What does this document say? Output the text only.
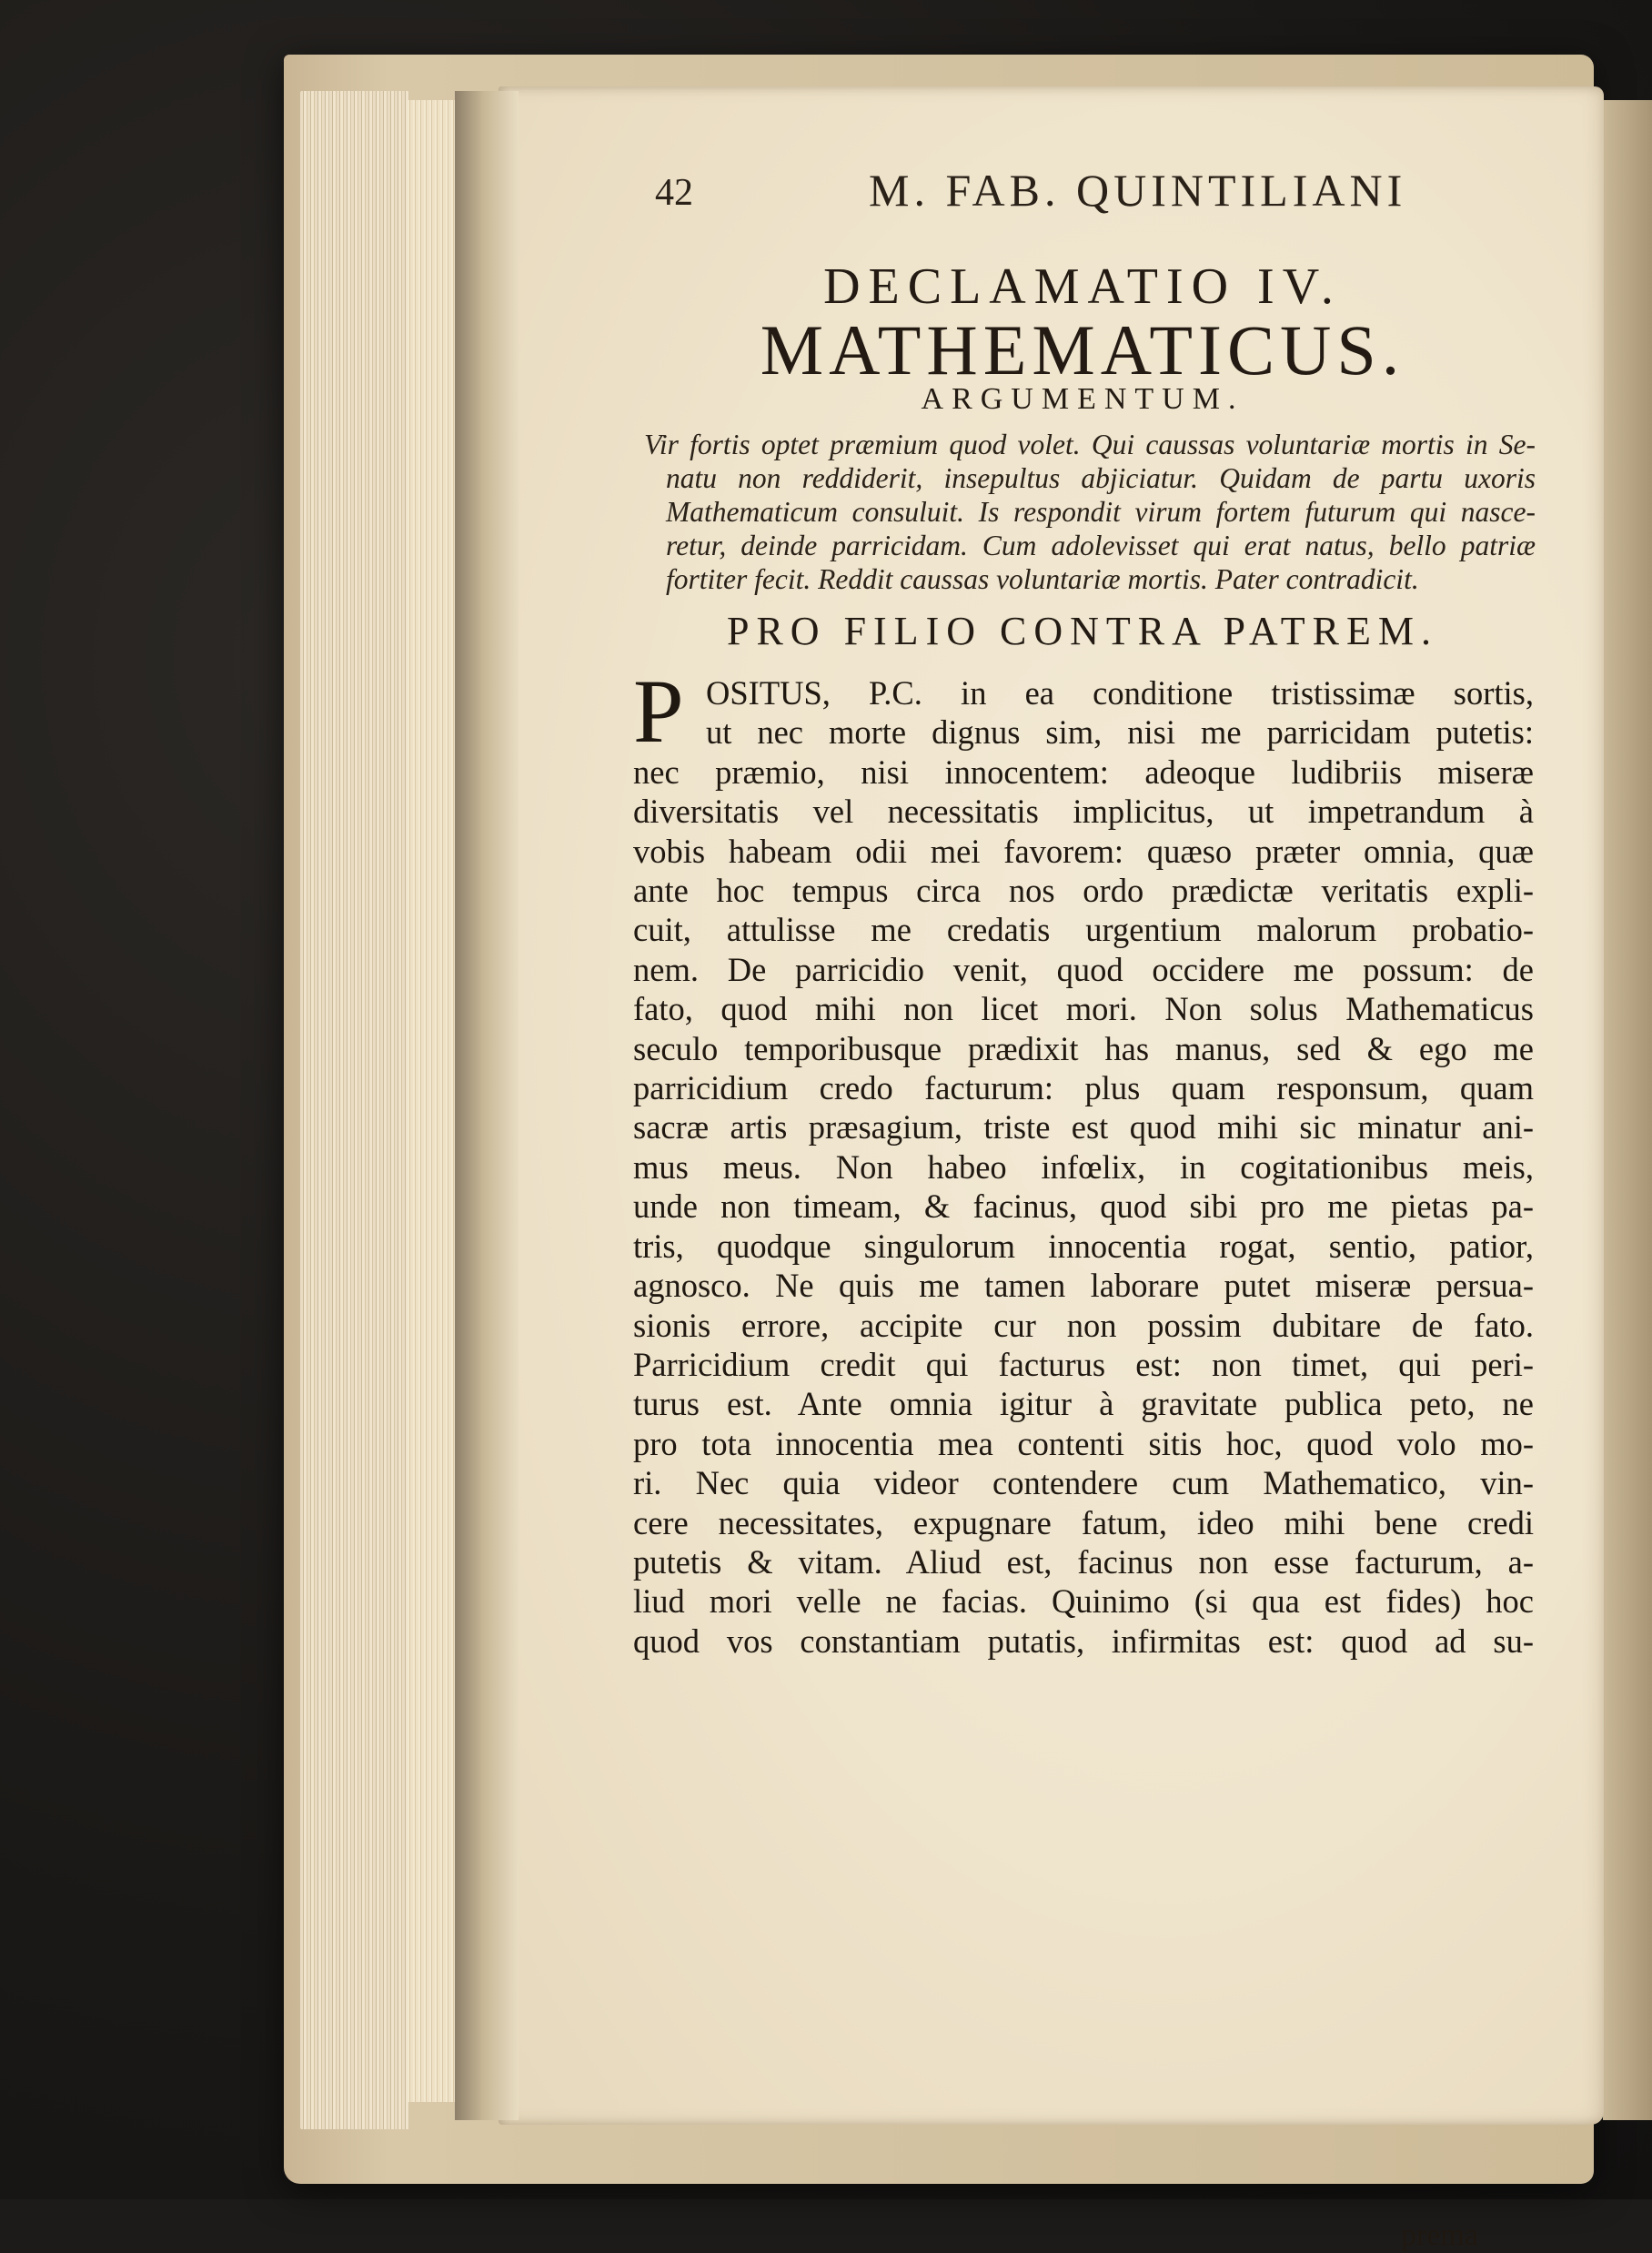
42	M. FAB. QUINTILIANI
DECLAMATIO IV.
MATHEMATICUS.
ARGUMENTUM.
Vir fortis optet præmium quod volet. Qui caussas voluntariæ mortis in Se-
natu non reddiderit, insepultus abjiciatur. Quidam de partu uxoris
Mathematicum consuluit. Is respondit virum fortem futurum qui nasce-
retur, deinde parricidam. Cum adolevisset qui erat natus, bello patriæ
fortiter fecit. Reddit caussas voluntariæ mortis. Pater contradicit.
PRO FILIO CONTRA PATREM.
P OSITUS, P.C. in ea conditione tristissimæ sortis,
ut nec morte dignus sim, nisi me parricidam putetis:
nec præmio, nisi innocentem: adeoque ludibriis miseræ
diversitatis vel necessitatis implicitus, ut impetrandum à
vobis habeam odii mei favorem: quæso præter omnia, quæ
ante hoc tempus circa nos ordo prædictæ veritatis expli-
cuit, attulisse me credatis urgentium malorum probatio-
nem. De parricidio venit, quod occidere me possum: de
fato, quod mihi non licet mori. Non solus Mathematicus
seculo temporibusque prædixit has manus, sed & ego me
parricidium credo facturum: plus quam responsum, quam
sacræ artis præsagium, triste est quod mihi sic minatur ani-
mus meus. Non habeo infœlix, in cogitationibus meis,
unde non timeam, & facinus, quod sibi pro me pietas pa-
tris, quodque singulorum innocentia rogat, sentio, patior,
agnosco. Ne quis me tamen laborare putet miseræ persua-
sionis errore, accipite cur non possim dubitare de fato.
Parricidium credit qui facturus est: non timet, qui peri-
turus est. Ante omnia igitur à gravitate publica peto, ne
pro tota innocentia mea contenti sitis hoc, quod volo mo-
ri. Nec quia videor contendere cum Mathematico, vin-
cere necessitates, expugnare fatum, ideo mihi bene credi
putetis & vitam. Aliud est, facinus non esse facturum, a-
liud mori velle ne facias. Quinimo (si qua est fides) hoc
quod vos constantiam putatis, infirmitas est: quod ad su-
prema
